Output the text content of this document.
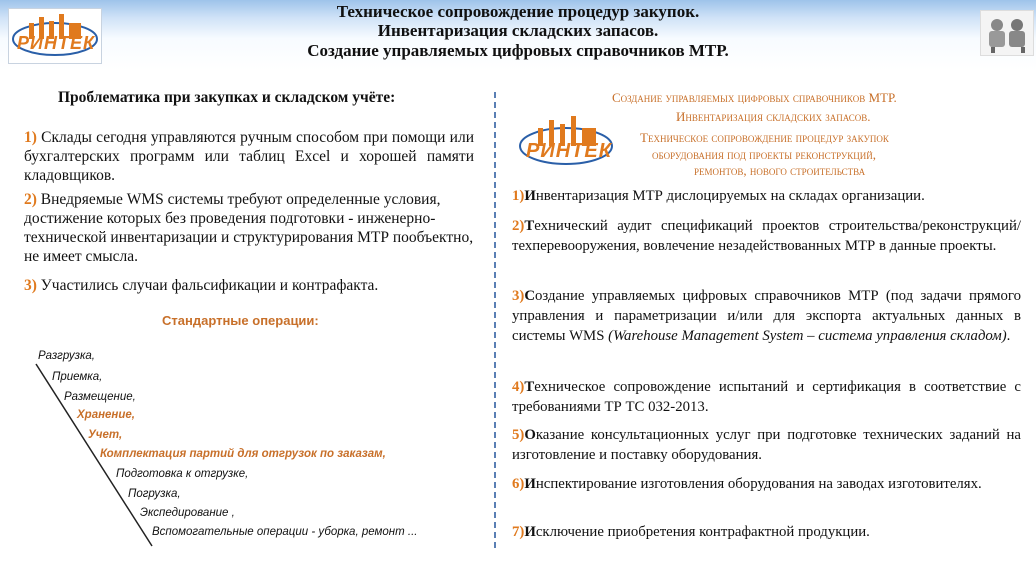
Техническое сопровождение процедур закупок.
Инвентаризация складских запасов.
Создание управляемых цифровых справочников МТР.
РИНТЕК
Проблематика при закупках и складском учёте:
1) Склады сегодня управляются ручным способом при помощи или бухгалтерских программ или таблиц Excel и хорошей памяти кладовщиков.
2) Внедряемые WMS системы требуют определенные условия, достижение которых без проведения подготовки - инженерно-технической инвентаризации и структурирования МТР пообъектно, не имеет смысла.
3) Участились случаи фальсификации и контрафакта.
Стандартные операции:
Разгрузка,
Приемка,
Размещение,
Хранение,
Учет,
Комплектация партий для отгрузок по заказам,
Подготовка к отгрузке,
Погрузка,
Экспедирование ,
Вспомогательные операции - уборка, ремонт ...
РИНТЕК
Создание управляемых цифровых справочников МТР.
Инвентаризация складских запасов.
Техническое сопровождение процедур закупок
оборудования под проекты реконструкций,
ремонтов, нового строительства
1)Инвентаризация МТР дислоцируемых на складах организации.
2)Технический аудит спецификаций проектов строительства/реконструкций/техперевооружения, вовлечение незадействованных МТР в данные проекты.
3)Создание управляемых цифровых справочников МТР (под задачи прямого управления и параметризации и/или для экспорта актуальных данных в системы WMS (Warehouse Management System – система управления складом).
4)Техническое сопровождение испытаний и сертификация в соответствие с требованиями ТР ТС 032-2013.
5)Оказание консультационных услуг при подготовке технических заданий на изготовление и поставку оборудования.
6)Инспектирование изготовления оборудования на заводах изготовителях.
7)Исключение приобретения контрафактной продукции.
